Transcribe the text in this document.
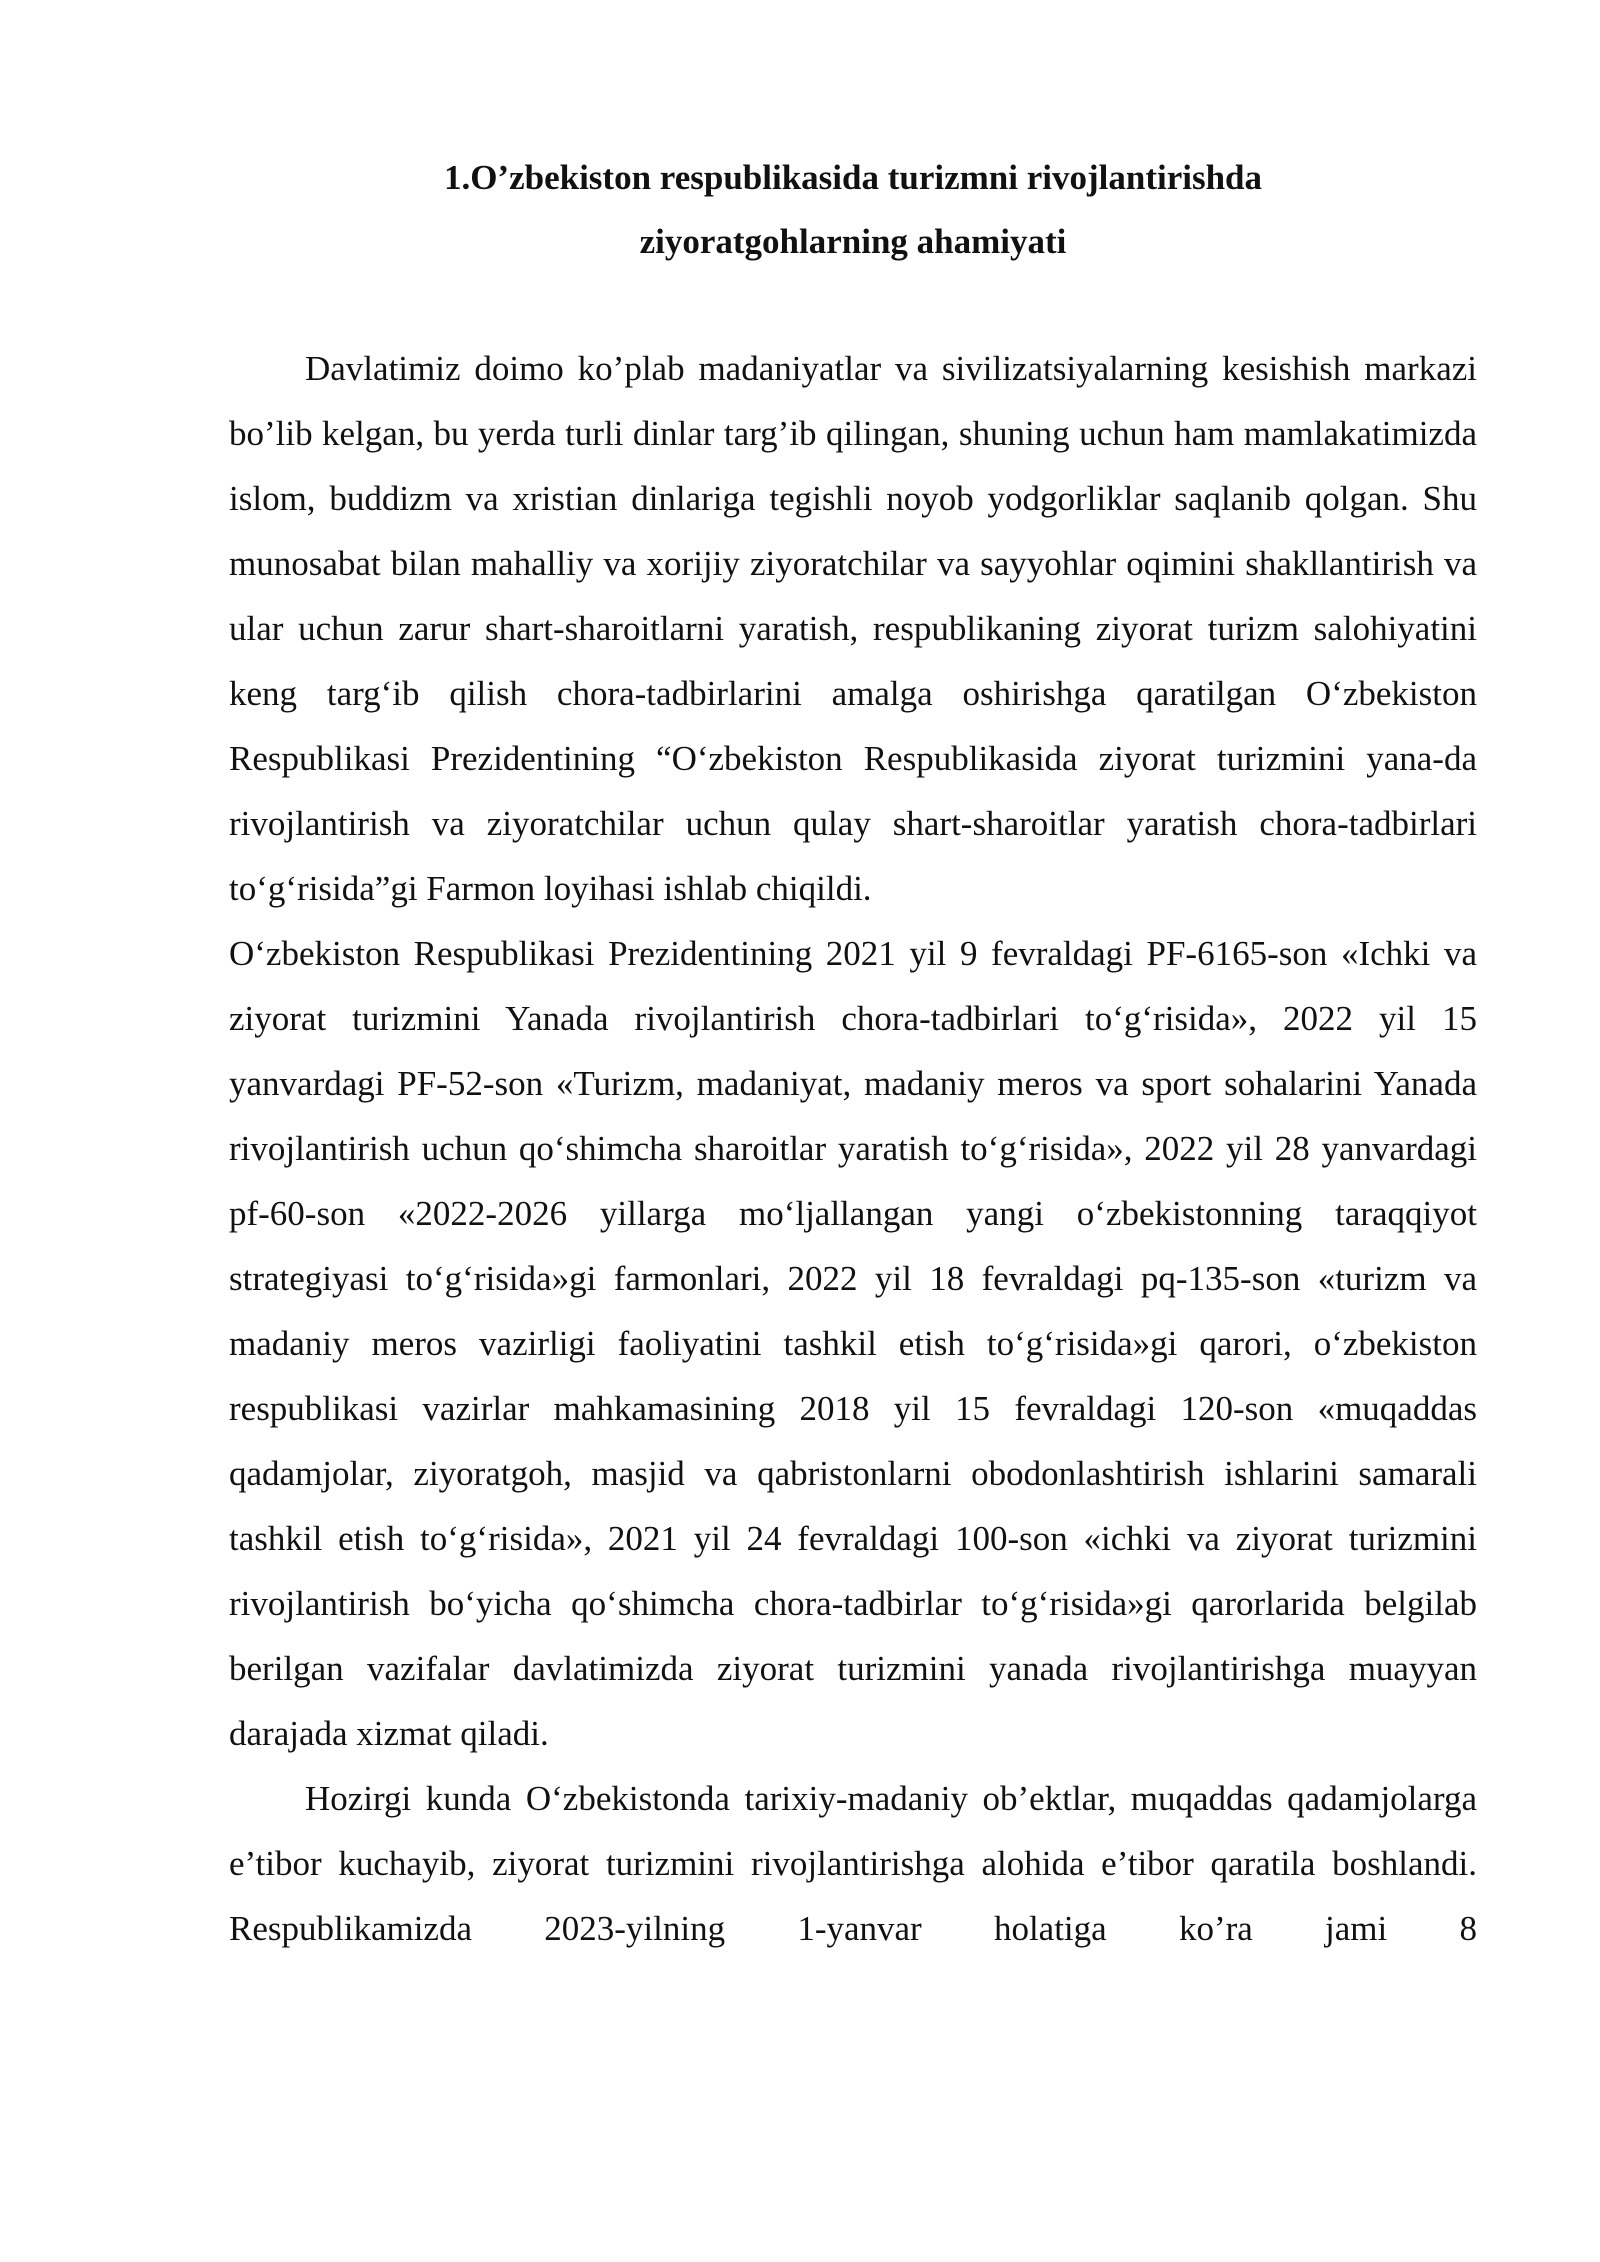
1.O’zbekiston respublikasida turizmni rivojlantirishda
ziyoratgohlarning ahamiyati

Davlatimiz doimo ko’plab madaniyatlar va sivilizatsiyalarning kesishish markazi bo’lib kelgan, bu yerda turli dinlar targ’ib qilingan, shuning uchun ham mamlakatimizda islom, buddizm va xristian dinlariga tegishli noyob yodgorliklar saqlanib qolgan. Shu munosabat bilan mahalliy va xorijiy ziyoratchilar va sayyohlar oqimini shakllantirish va ular uchun zarur shart-sharoitlarni yaratish, respublikaning ziyorat turizm salohiyatini keng targ‘ib qilish chora-tadbirlarini amalga oshirishga qaratilgan O‘zbekiston Respublikasi Prezidentining “O‘zbekiston Respublikasida ziyorat turizmini yana-da rivojlantirish va ziyoratchilar uchun qulay shart-sharoitlar yaratish chora-tadbirlari to‘g‘risida”gi Farmon loyihasi ishlab chiqildi.

O‘zbekiston Respublikasi Prezidentining 2021 yil 9 fevraldagi PF-6165-son «Ichki va ziyorat turizmini Yanada rivojlantirish chora-tadbirlari to‘g‘risida», 2022 yil 15 yanvardagi PF-52-son «Turizm, madaniyat, madaniy meros va sport sohalarini Yanada rivojlantirish uchun qo‘shimcha sharoitlar yaratish to‘g‘risida», 2022 yil 28 yanvardagi pf-60-son «2022-2026 yillarga mo‘ljallangan yangi o‘zbekistonning taraqqiyot strategiyasi to‘g‘risida»gi farmonlari, 2022 yil 18 fevraldagi pq-135-son «turizm va madaniy meros vazirligi faoliyatini tashkil etish to‘g‘risida»gi qarori, o‘zbekiston respublikasi vazirlar mahkamasining 2018 yil 15 fevraldagi 120-son «muqaddas qadamjolar, ziyoratgoh, masjid va qabristonlarni obodonlashtirish ishlarini samarali tashkil etish to‘g‘risida», 2021 yil 24 fevraldagi 100-son «ichki va ziyorat turizmini rivojlantirish bo‘yicha qo‘shimcha chora-tadbirlar to‘g‘risida»gi qarorlarida belgilab berilgan vazifalar davlatimizda ziyorat turizmini yanada rivojlantirishga muayyan darajada xizmat qiladi.

Hozirgi kunda O‘zbekistonda tarixiy-madaniy ob’ektlar, muqaddas qadamjolarga e’tibor kuchayib, ziyorat turizmini rivojlantirishga alohida e’tibor qaratila boshlandi. Respublikamizda 2023-yilning 1-yanvar holatiga ko’ra jami 8
